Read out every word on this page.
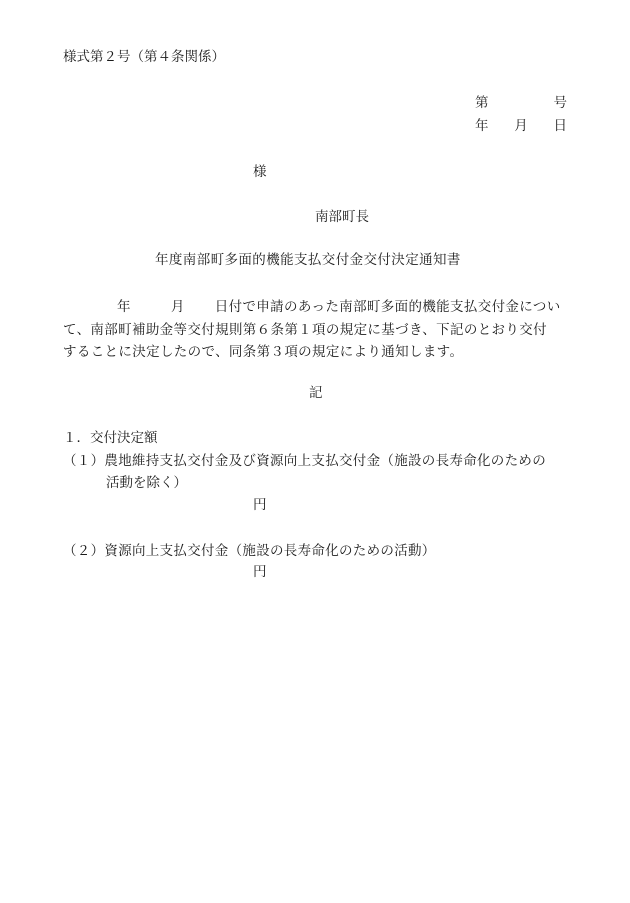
様式第２号（第４条関係）
第	号
年 月 日
様
南部町長
年度南部町多面的機能支払交付金交付決定通知書
年	月 日付で申請のあった南部町多面的機能支払交付金につい
て、南部町補助金等交付規則第６条第１項の規定に基づき、下記のとおり交付
することに決定したので、同条第３項の規定により通知します。
記
１．交付決定額
（１）農地維持支払交付金及び資源向上支払交付金（施設の長寿命化のための
活動を除く）
円
（２）資源向上支払交付金（施設の長寿命化のための活動）
円
